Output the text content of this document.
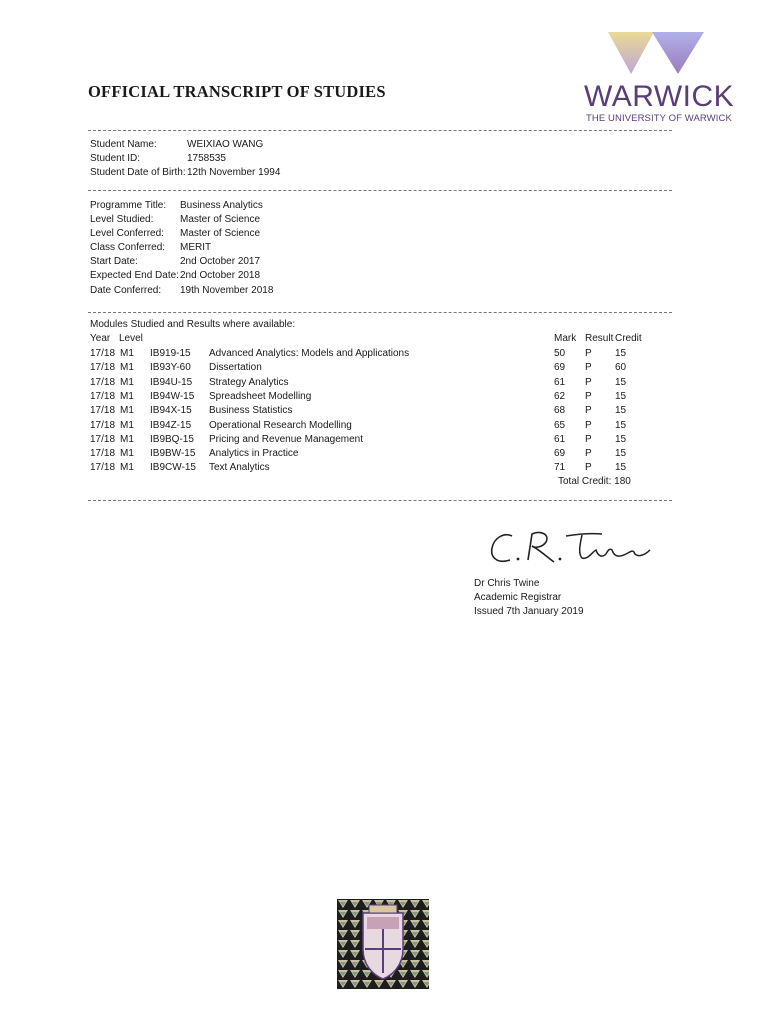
OFFICIAL TRANSCRIPT OF STUDIES	WARWICK
THE UNIVERSITY OF WARWICK
Student Name:	WEIXIAO WANG
Student ID:	1758535
Student Date of Birth: 12th November 1994
Programme Title: Business Analytics
Level Studied:	Master of Science
Level Conferred: Master of Science
Class Conferred: MERIT
Start Date:	2nd October 2017
Expected End Date: 2nd October 2018
Date Conferred: 19th November 2018
Modules Studied and Results where available:
Year Level	Mark Result Credit
17/18 M1 IB919-15 Advanced Analytics: Models and Applications	50 P 15
17/18 M1 IB93Y-60 Dissertation	69 P 60
17/18 M1 IB94U-15 Strategy Analytics	61 P 15
17/18 M1 IB94W-15 Spreadsheet Modelling	62 P 15
17/18 M1 IB94X-15 Business Statistics	68 P 15
17/18 M1 IB94Z-15 Operational Research Modelling	65 P 15
17/18 M1 IB9BQ-15 Pricing and Revenue Management	61 P 15
17/18 M1 IB9BW-15 Analytics in Practice	69 P 15
17/18 M1 IB9CW-15 Text Analytics	71 P 15
Total Credit: 180
Dr Chris Twine
Academic Registrar
Issued 7th January 2019
